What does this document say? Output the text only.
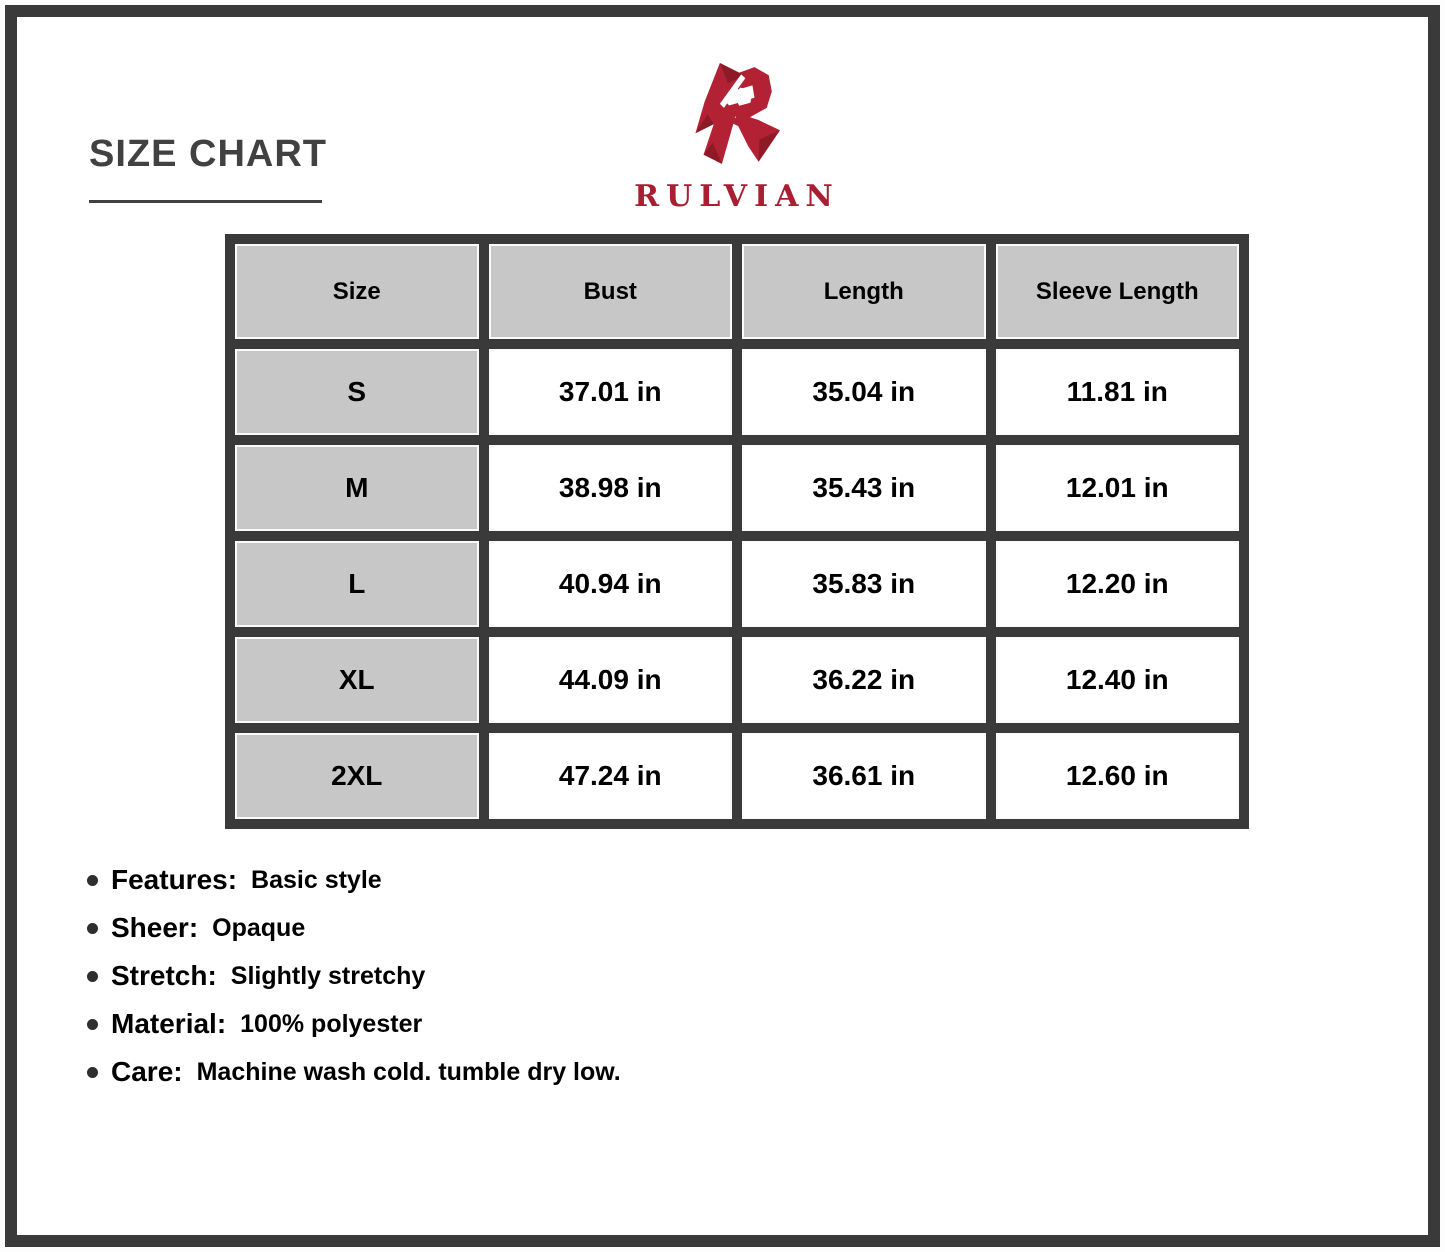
SIZE CHART
RULVIAN
Size	Bust	Length	Sleeve Length
S	37.01 in	35.04 in	11.81 in
M	38.98 in	35.43 in	12.01 in
L	40.94 in	35.83 in	12.20 in
XL	44.09 in	36.22 in	12.40 in
2XL	47.24 in	36.61 in	12.60 in
Features: Basic style
Sheer: Opaque
Stretch: Slightly stretchy
Material: 100% polyester
Care: Machine wash cold. tumble dry low.
